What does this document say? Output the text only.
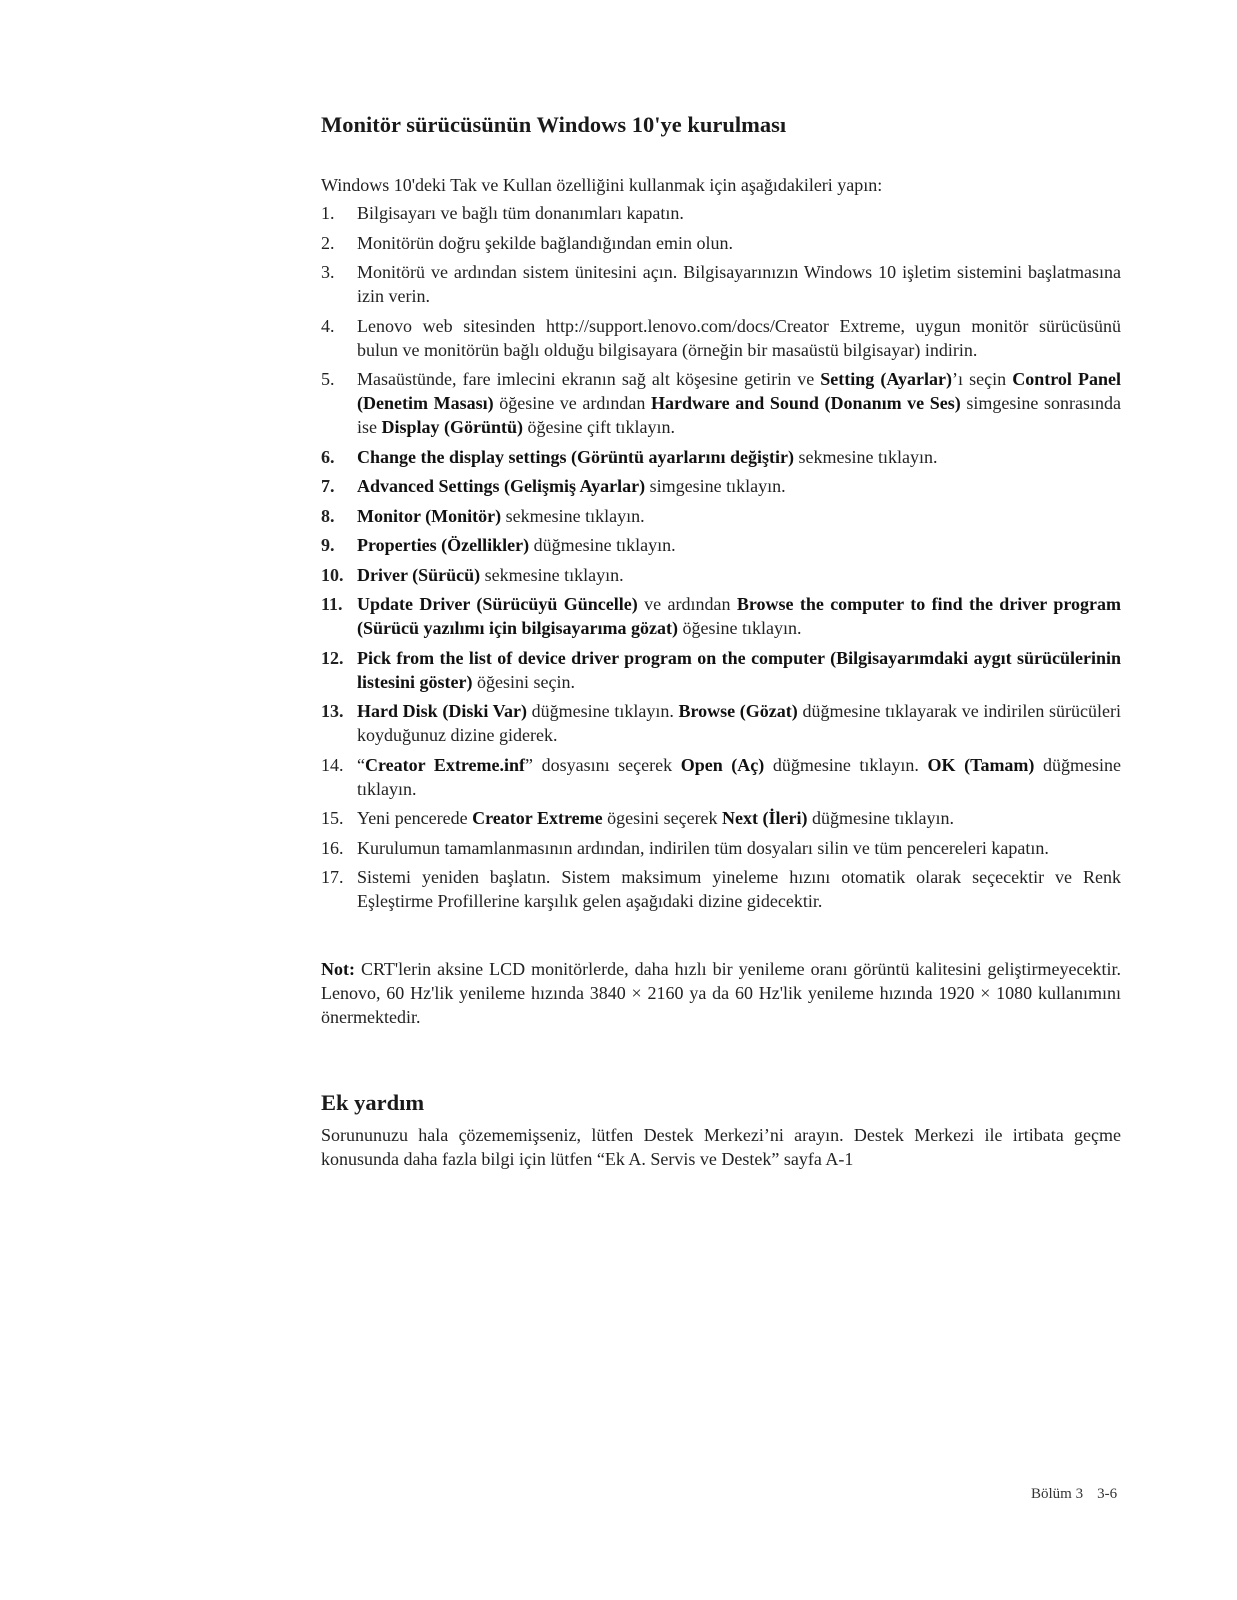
Monitör sürücüsünün Windows 10'ye kurulması
Windows 10'deki Tak ve Kullan özelliğini kullanmak için aşağıdakileri yapın:
1. Bilgisayarı ve bağlı tüm donanımları kapatın.
2. Monitörün doğru şekilde bağlandığından emin olun.
3. Monitörü ve ardından sistem ünitesini açın. Bilgisayarınızın Windows 10 işletim sistemini başlatmasına izin verin.
4. Lenovo web sitesinden http://support.lenovo.com/docs/Creator Extreme, uygun monitör sürücüsünü bulun ve monitörün bağlı olduğu bilgisayara (örneğin bir masaüstü bilgisayar) indirin.
5. Masaüstünde, fare imlecini ekranın sağ alt köşesine getirin ve Setting (Ayarlar)’ı seçin Control Panel (Denetim Masası) öğesine ve ardından Hardware and Sound (Donanım ve Ses) simgesine sonrasında ise Display (Görüntü) öğesine çift tıklayın.
6. Change the display settings (Görüntü ayarlarını değiştir) sekmesine tıklayın.
7. Advanced Settings (Gelişmiş Ayarlar) simgesine tıklayın.
8. Monitor (Monitör) sekmesine tıklayın.
9. Properties (Özellikler) düğmesine tıklayın.
10. Driver (Sürücü) sekmesine tıklayın.
11. Update Driver (Sürücüyü Güncelle) ve ardından Browse the computer to find the driver program (Sürücü yazılımı için bilgisayarıma gözat) öğesine tıklayın.
12. Pick from the list of device driver program on the computer (Bilgisayarımdaki aygıt sürücülerinin listesini göster) öğesini seçin.
13. Hard Disk (Diski Var) düğmesine tıklayın. Browse (Gözat) düğmesine tıklayarak ve indirilen sürücüleri koyduğunuz dizine giderek.
14. “Creator Extreme.inf” dosyasını seçerek Open (Aç) düğmesine tıklayın. OK (Tamam) düğmesine tıklayın.
15. Yeni pencerede Creator Extreme ögesini seçerek Next (İleri) düğmesine tıklayın.
16. Kurulumun tamamlanmasının ardından, indirilen tüm dosyaları silin ve tüm pencereleri kapatın.
17. Sistemi yeniden başlatın. Sistem maksimum yineleme hızını otomatik olarak seçecektir ve Renk Eşleştirme Profillerine karşılık gelen aşağıdaki dizine gidecektir.
Not: CRT'lerin aksine LCD monitörlerde, daha hızlı bir yenileme oranı görüntü kalitesini geliştirmeyecektir. Lenovo, 60 Hz'lik yenileme hızında 3840 × 2160 ya da 60 Hz'lik yenileme hızında 1920 × 1080 kullanımını önermektedir.
Ek yardım
Sorununuzu hala çözememişseniz, lütfen Destek Merkezi’ni arayın. Destek Merkezi ile irtibata geçme konusunda daha fazla bilgi için lütfen “Ek A. Servis ve Destek” sayfa A-1
Bölüm 3 3-6
